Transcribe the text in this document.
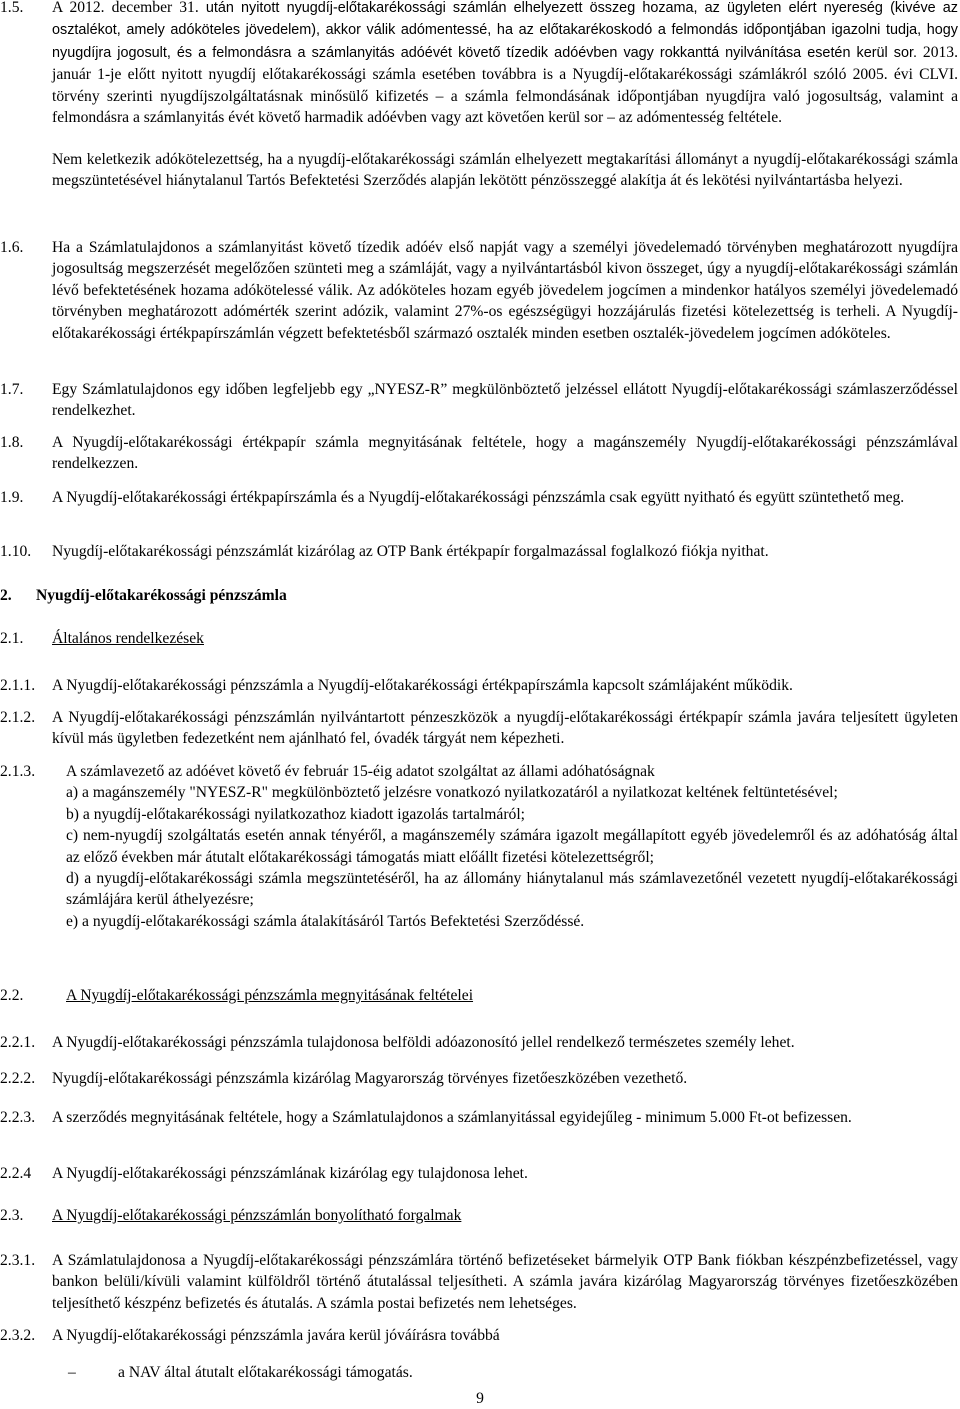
1.5. A 2012. december 31. után nyitott nyugdíj-előtakarékossági számlán elhelyezett összeg hozama, az ügyleten elért nyereség (kivéve az osztalékot, amely adóköteles jövedelem), akkor válik adómentessé, ha az előtakarékoskodó a felmondás időpontjában igazolni tudja, hogy nyugdíjra jogosult, és a felmondásra a számlanyitás adóévét követő tízedik adóévben vagy rokkanttá nyilvánítása esetén kerül sor. 2013. január 1-je előtt nyitott nyugdíj előtakarékossági számla esetében továbbra is a Nyugdíj-előtakarékossági számlákról szóló 2005. évi CLVI. törvény szerinti nyugdíjszolgáltatásnak minősülő kifizetés – a számla felmondásának időpontjában nyugdíjra való jogosultság, valamint a felmondásra a számlanyitás évét követő harmadik adóévben vagy azt követően kerül sor – az adómentesség feltétele.
Nem keletkezik adókötelezettség, ha a nyugdíj-előtakarékossági számlán elhelyezett megtakarítási állományt a nyugdíj-előtakarékossági számla megszüntetésével hiánytalanul Tartós Befektetési Szerződés alapján lekötött pénzösszeggé alakítja át és lekötési nyilvántartásba helyezi.
1.6. Ha a Számlatulajdonos a számlanyitást követő tízedik adóév első napját vagy a személyi jövedelemadó törvényben meghatározott nyugdíjra jogosultság megszerzését megelőzően szünteti meg a számláját, vagy a nyilvántartásból kivon összeget, úgy a nyugdíj-előtakarékossági számlán lévő befektetésének hozama adókötelessé válik. Az adóköteles hozam egyéb jövedelem jogcímen a mindenkor hatályos személyi jövedelemadó törvényben meghatározott adómérték szerint adózik, valamint 27%-os egészségügyi hozzájárulás fizetési kötelezettség is terheli. A Nyugdíj-előtakarékossági értékpapírszámlán végzett befektetésből származó osztalék minden esetben osztalék-jövedelem jogcímen adóköteles.
1.7. Egy Számlatulajdonos egy időben legfeljebb egy „NYESZ-R” megkülönböztető jelzéssel ellátott Nyugdíj-előtakarékossági számlaszerződéssel rendelkezhet.
1.8. A Nyugdíj-előtakarékossági értékpapír számla megnyitásának feltétele, hogy a magánszemély Nyugdíj-előtakarékossági pénzszámlával rendelkezzen.
1.9. A Nyugdíj-előtakarékossági értékpapírszámla és a Nyugdíj-előtakarékossági pénzszámla csak együtt nyitható és együtt szüntethető meg.
1.10. Nyugdíj-előtakarékossági pénzszámlát kizárólag az OTP Bank értékpapír forgalmazással foglalkozó fiókja nyithat.
2. Nyugdíj-előtakarékossági pénzszámla
2.1. Általános rendelkezések
2.1.1. A Nyugdíj-előtakarékossági pénzszámla a Nyugdíj-előtakarékossági értékpapírszámla kapcsolt számlájaként működik.
2.1.2. A Nyugdíj-előtakarékossági pénzszámlán nyilvántartott pénzeszközök a nyugdíj-előtakarékossági értékpapír számla javára teljesített ügyleten kívül más ügyletben fedezetként nem ajánlható fel, óvadék tárgyát nem képezheti.
2.1.3. A számlavezető az adóévet követő év február 15-éig adatot szolgáltat az állami adóhatóságnak
a) a magánszemély "NYESZ-R" megkülönböztető jelzésre vonatkozó nyilatkozatáról a nyilatkozat keltének feltüntetésével;
b) a nyugdíj-előtakarékossági nyilatkozathoz kiadott igazolás tartalmáról;
c) nem-nyugdíj szolgáltatás esetén annak tényéről, a magánszemély számára igazolt megállapított egyéb jövedelemről és az adóhatóság által az előző években már átutalt előtakarékossági támogatás miatt előállt fizetési kötelezettségről;
d) a nyugdíj-előtakarékossági számla megszüntetéséről, ha az állomány hiánytalanul más számlavezetőnél vezetett nyugdíj-előtakarékossági számlájára kerül áthelyezésre;
e) a nyugdíj-előtakarékossági számla átalakításáról Tartós Befektetési Szerződéssé.
2.2.	A Nyugdíj-előtakarékossági pénzszámla megnyitásának feltételei
2.2.1. A Nyugdíj-előtakarékossági pénzszámla tulajdonosa belföldi adóazonosító jellel rendelkező természetes személy lehet.
2.2.2. Nyugdíj-előtakarékossági pénzszámla kizárólag Magyarország törvényes fizetőeszközében vezethető.
2.2.3. A szerződés megnyitásának feltétele, hogy a Számlatulajdonos a számlanyitással egyidejűleg - minimum 5.000 Ft-ot befizessen.
2.2.4 A Nyugdíj-előtakarékossági pénzszámlának kizárólag egy tulajdonosa lehet.
2.3. A Nyugdíj-előtakarékossági pénzszámlán bonyolítható forgalmak
2.3.1. A Számlatulajdonosa a Nyugdíj-előtakarékossági pénzszámlára történő befizetéseket bármelyik OTP Bank fiókban készpénzbefizetéssel, vagy bankon belüli/kívüli valamint külföldről történő átutalással teljesítheti. A számla javára kizárólag Magyarország törvényes fizetőeszközében teljesíthető készpénz befizetés és átutalás. A számla postai befizetés nem lehetséges.
2.3.2. A Nyugdíj-előtakarékossági pénzszámla javára kerül jóváírásra továbbá
–	a NAV által átutalt előtakarékossági támogatás.
9
